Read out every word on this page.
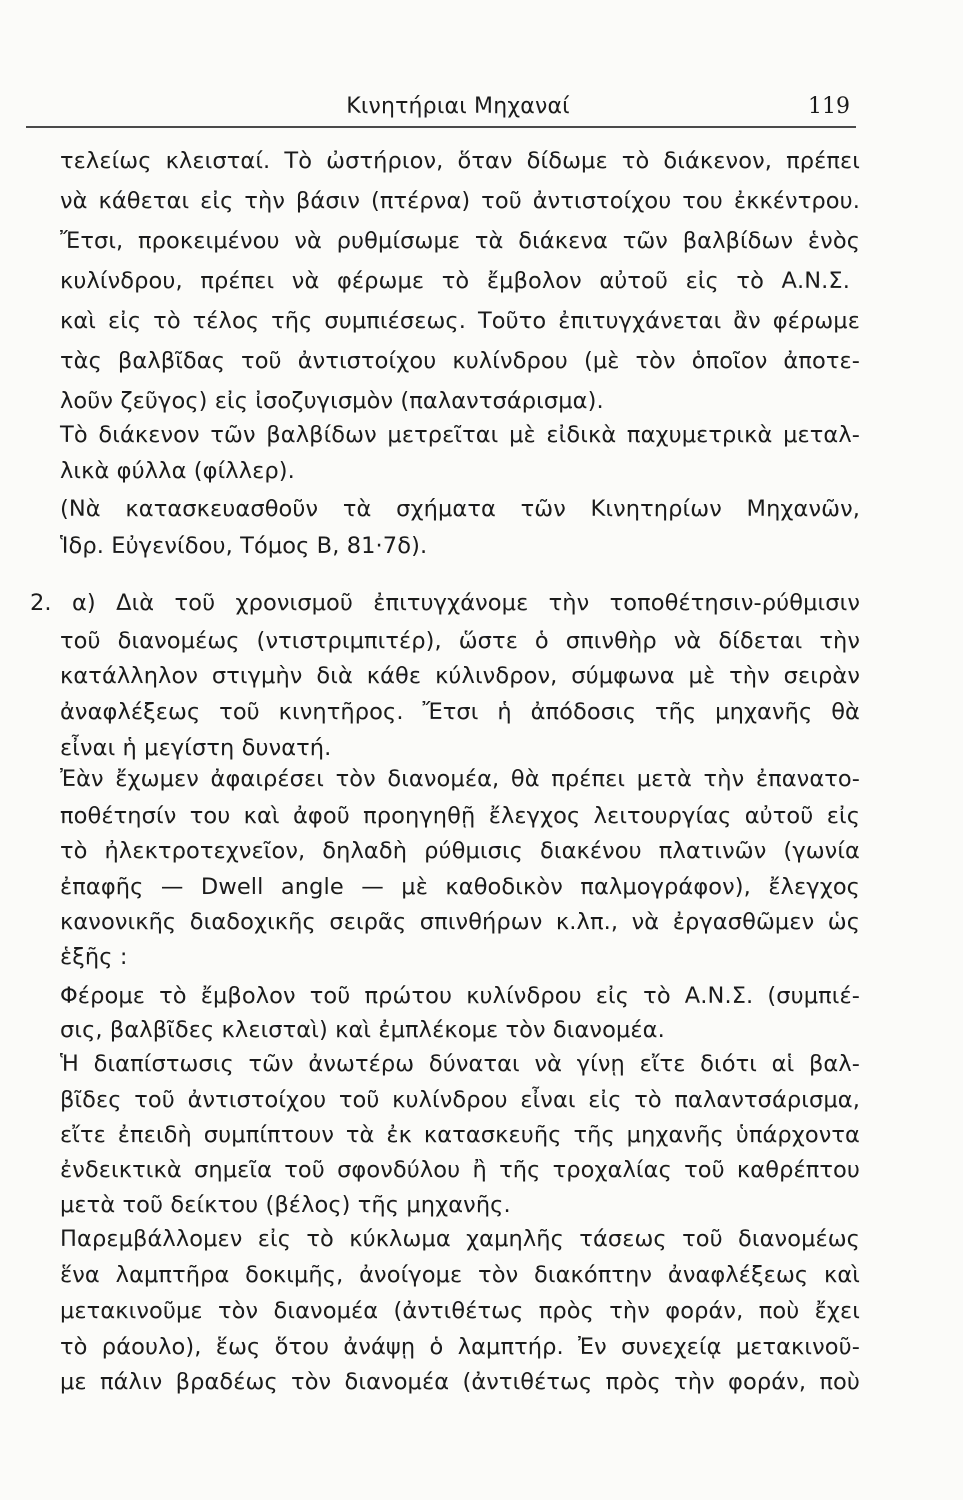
Κινητήριαι Μηχαναί	119
τελείως κλεισταί. Τὸ ὠστήριον, ὅταν δίδωμε τὸ διάκενον, πρέπει
νὰ κάθεται εἰς τὴν βάσιν (πτέρνα) τοῦ ἀντιστοίχου του ἐκκέντρου.
Ἔτσι, προκειμένου νὰ ρυθμίσωμε τὰ διάκενα τῶν βαλβίδων ἑνὸς
κυλίνδρου, πρέπει νὰ φέρωμε τὸ ἔμβολον αὐτοῦ εἰς τὸ Α.Ν.Σ.
καὶ εἰς τὸ τέλος τῆς συμπιέσεως. Τοῦτο ἐπιτυγχάνεται ἂν φέρωμε
τὰς βαλβῖδας τοῦ ἀντιστοίχου κυλίνδρου (μὲ τὸν ὁποῖον ἀποτε-
λοῦν ζεῦγος) εἰς ἰσοζυγισμὸν (παλαντσάρισμα).
Τὸ διάκενον τῶν βαλβίδων μετρεῖται μὲ εἰδικὰ παχυμετρικὰ μεταλ-
λικὰ φύλλα (φίλλερ).
(Νὰ κατασκευασθοῦν τὰ σχήματα τῶν Κινητηρίων Μηχανῶν,
Ἱδρ. Εὐγενίδου, Τόμος Β, 81·7δ).
2. α) Διὰ τοῦ χρονισμοῦ ἐπιτυγχάνομε τὴν τοποθέτησιν-ρύθμισιν
τοῦ διανομέως (ντιστριμπιτέρ), ὥστε ὁ σπινθὴρ νὰ δίδεται τὴν
κατάλληλον στιγμὴν διὰ κάθε κύλινδρον, σύμφωνα μὲ τὴν σειρὰν
ἀναφλέξεως τοῦ κινητῆρος. Ἔτσι ἡ ἀπόδοσις τῆς μηχανῆς θὰ
εἶναι ἡ μεγίστη δυνατή.
Ἐὰν ἔχωμεν ἀφαιρέσει τὸν διανομέα, θὰ πρέπει μετὰ τὴν ἐπανατο-
ποθέτησίν του καὶ ἀφοῦ προηγηθῇ ἔλεγχος λειτουργίας αὐτοῦ εἰς
τὸ ἠλεκτροτεχνεῖον, δηλαδὴ ρύθμισις διακένου πλατινῶν (γωνία
ἐπαφῆς — Dwell angle — μὲ καθοδικὸν παλμογράφον), ἔλεγχος
κανονικῆς διαδοχικῆς σειρᾶς σπινθήρων κ.λπ., νὰ ἐργασθῶμεν ὡς
ἑξῆς :
Φέρομε τὸ ἔμβολον τοῦ πρώτου κυλίνδρου εἰς τὸ Α.Ν.Σ. (συμπιέ-
σις, βαλβῖδες κλεισταὶ) καὶ ἐμπλέκομε τὸν διανομέα.
Ἡ διαπίστωσις τῶν ἀνωτέρω δύναται νὰ γίνῃ εἴτε διότι αἱ βαλ-
βῖδες τοῦ ἀντιστοίχου τοῦ κυλίνδρου εἶναι εἰς τὸ παλαντσάρισμα,
εἴτε ἐπειδὴ συμπίπτουν τὰ ἐκ κατασκευῆς τῆς μηχανῆς ὑπάρχοντα
ἐνδεικτικὰ σημεῖα τοῦ σφονδύλου ἢ τῆς τροχαλίας τοῦ καθρέπτου
μετὰ τοῦ δείκτου (βέλος) τῆς μηχανῆς.
Παρεμβάλλομεν εἰς τὸ κύκλωμα χαμηλῆς τάσεως τοῦ διανομέως
ἕνα λαμπτῆρα δοκιμῆς, ἀνοίγομε τὸν διακόπτην ἀναφλέξεως καὶ
μετακινοῦμε τὸν διανομέα (ἀντιθέτως πρὸς τὴν φοράν, ποὺ ἔχει
τὸ ράουλο), ἕως ὅτου ἀνάψῃ ὁ λαμπτήρ. Ἐν συνεχείᾳ μετακινοῦ-
με πάλιν βραδέως τὸν διανομέα (ἀντιθέτως πρὸς τὴν φοράν, ποὺ
